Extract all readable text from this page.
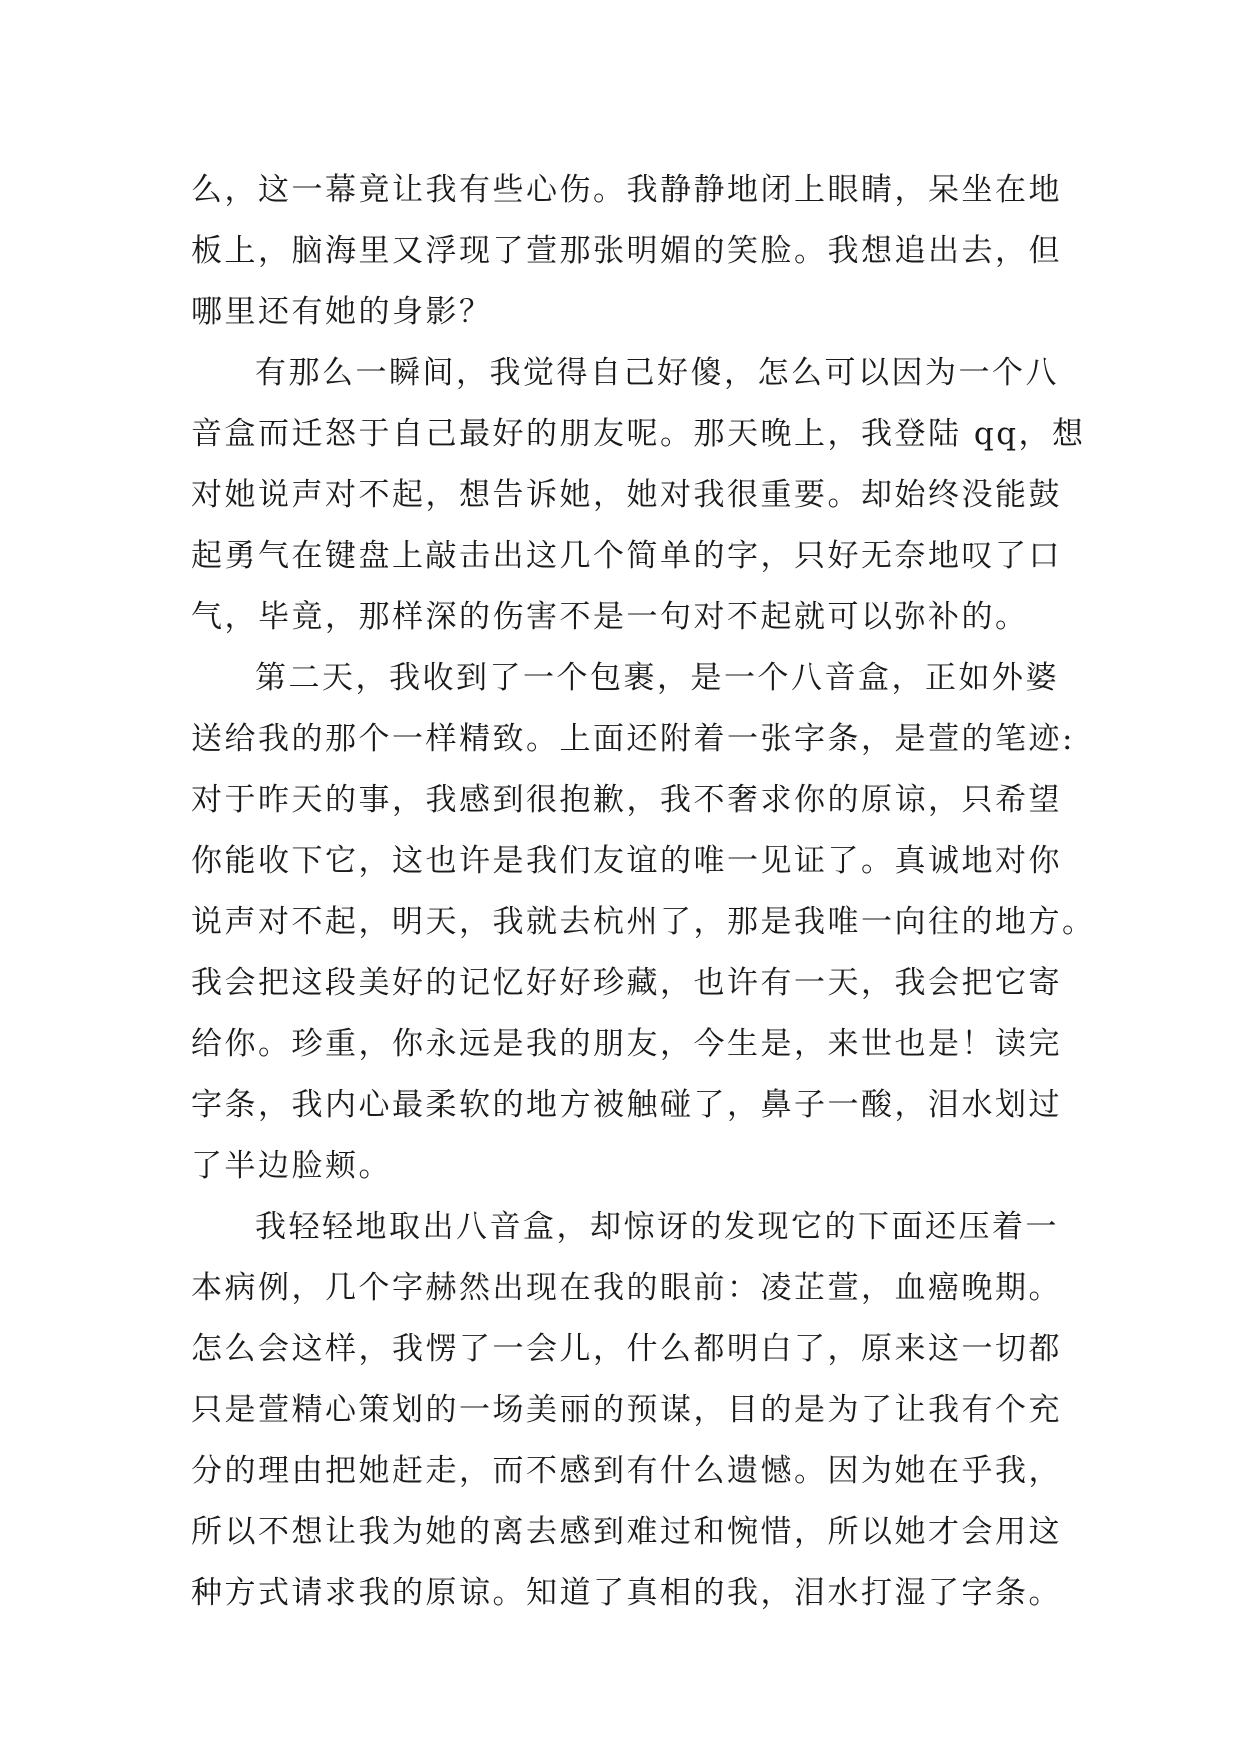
么，这一幕竟让我有些心伤。我静静地闭上眼睛，呆坐在地
板上，脑海里又浮现了萱那张明媚的笑脸。我想追出去，但
哪里还有她的身影？
有那么一瞬间，我觉得自己好傻，怎么可以因为一个八
音盒而迁怒于自己最好的朋友呢。那天晚上，我登陆 qq，想
对她说声对不起，想告诉她，她对我很重要。却始终没能鼓
起勇气在键盘上敲击出这几个简单的字，只好无奈地叹了口
气，毕竟，那样深的伤害不是一句对不起就可以弥补的。
第二天，我收到了一个包裹，是一个八音盒，正如外婆
送给我的那个一样精致。上面还附着一张字条，是萱的笔迹:
对于昨天的事，我感到很抱歉，我不奢求你的原谅，只希望
你能收下它，这也许是我们友谊的唯一见证了。真诚地对你
说声对不起，明天，我就去杭州了，那是我唯一向往的地方。
我会把这段美好的记忆好好珍藏，也许有一天，我会把它寄
给你。珍重，你永远是我的朋友，今生是，来世也是！读完
字条，我内心最柔软的地方被触碰了，鼻子一酸，泪水划过
了半边脸颊。
我轻轻地取出八音盒，却惊讶的发现它的下面还压着一
本病例，几个字赫然出现在我的眼前：凌芷萱，血癌晚期。
怎么会这样，我愣了一会儿，什么都明白了，原来这一切都
只是萱精心策划的一场美丽的预谋，目的是为了让我有个充
分的理由把她赶走，而不感到有什么遗憾。因为她在乎我，
所以不想让我为她的离去感到难过和惋惜，所以她才会用这
种方式请求我的原谅。知道了真相的我，泪水打湿了字条。
